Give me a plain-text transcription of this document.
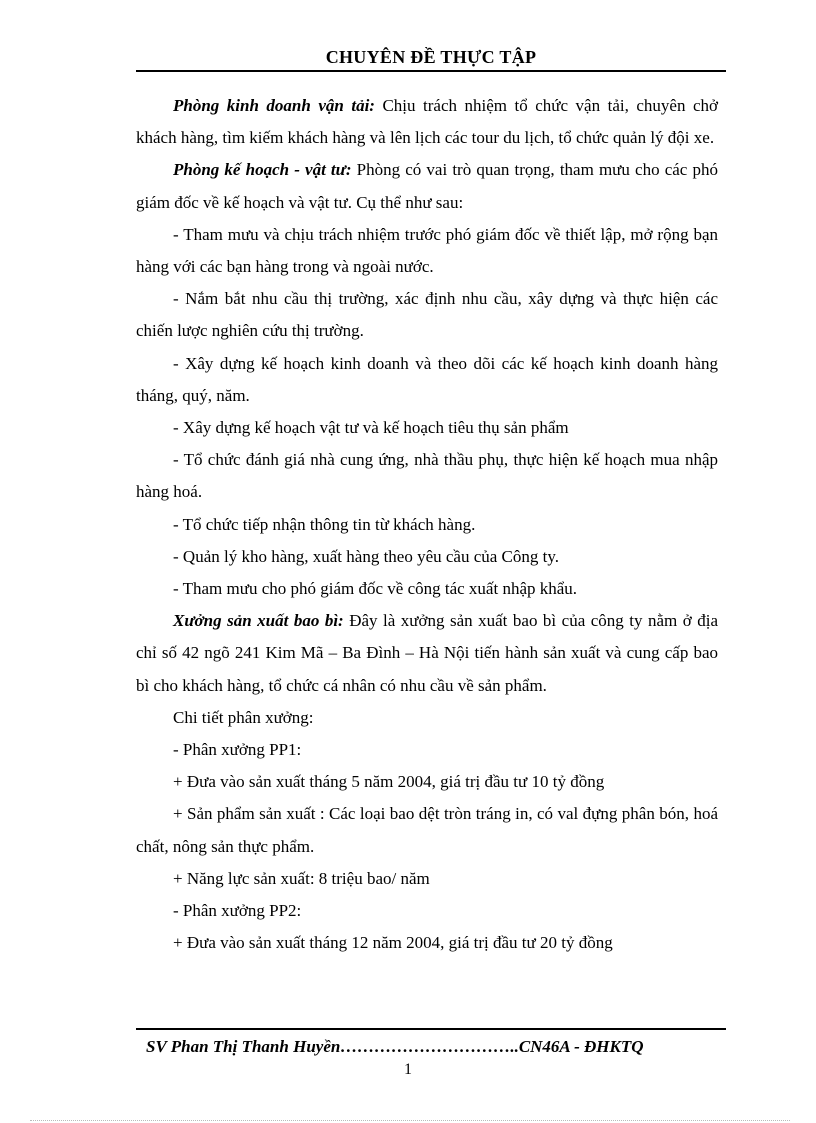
CHUYÊN ĐỀ THỰC TẬP

Phòng kinh doanh vận tải: Chịu trách nhiệm tổ chức vận tải, chuyên chở khách hàng, tìm kiếm khách hàng và lên lịch các tour du lịch, tổ chức quản lý đội xe.

Phòng kế hoạch - vật tư: Phòng có vai trò quan trọng, tham mưu cho các phó giám đốc về kế hoạch và vật tư. Cụ thể như sau:

- Tham mưu và chịu trách nhiệm trước phó giám đốc về thiết lập, mở rộng bạn hàng với các bạn hàng trong và ngoài nước.

- Nắm bắt nhu cầu thị trường, xác định nhu cầu, xây dựng và thực hiện các chiến lược nghiên cứu thị trường.

- Xây dựng kế hoạch kinh doanh và theo dõi các kế hoạch kinh doanh hàng tháng, quý, năm.

- Xây dựng kế hoạch vật tư và kế hoạch tiêu thụ sản phẩm

- Tổ chức đánh giá nhà cung ứng, nhà thầu phụ, thực hiện kế hoạch mua nhập hàng hoá.

- Tổ chức tiếp nhận thông tin từ khách hàng.

- Quản lý kho hàng, xuất hàng theo yêu cầu của Công ty.

- Tham mưu cho phó giám đốc về công tác xuất nhập khẩu.

Xưởng sản xuất bao bì: Đây là xưởng sản xuất bao bì của công ty nằm ở địa chỉ số 42 ngõ 241 Kim Mã – Ba Đình – Hà Nội tiến hành sản xuất và cung cấp bao bì cho khách hàng, tổ chức cá nhân có nhu cầu về sản phẩm.

Chi tiết phân xưởng:

- Phân xưởng PP1:

+ Đưa vào sản xuất tháng 5 năm 2004, giá trị đầu tư 10 tỷ đồng

+ Sản phẩm sản xuất : Các loại bao dệt tròn tráng in, có val đựng phân bón, hoá chất, nông sản thực phẩm.

+ Năng lực sản xuất: 8 triệu bao/ năm

- Phân xưởng PP2:

+ Đưa vào sản xuất tháng 12 năm 2004, giá trị đầu tư 20 tỷ đồng

SV Phan Thị Thanh Huyền…………………………..CN46A - ĐHKTQ
1
